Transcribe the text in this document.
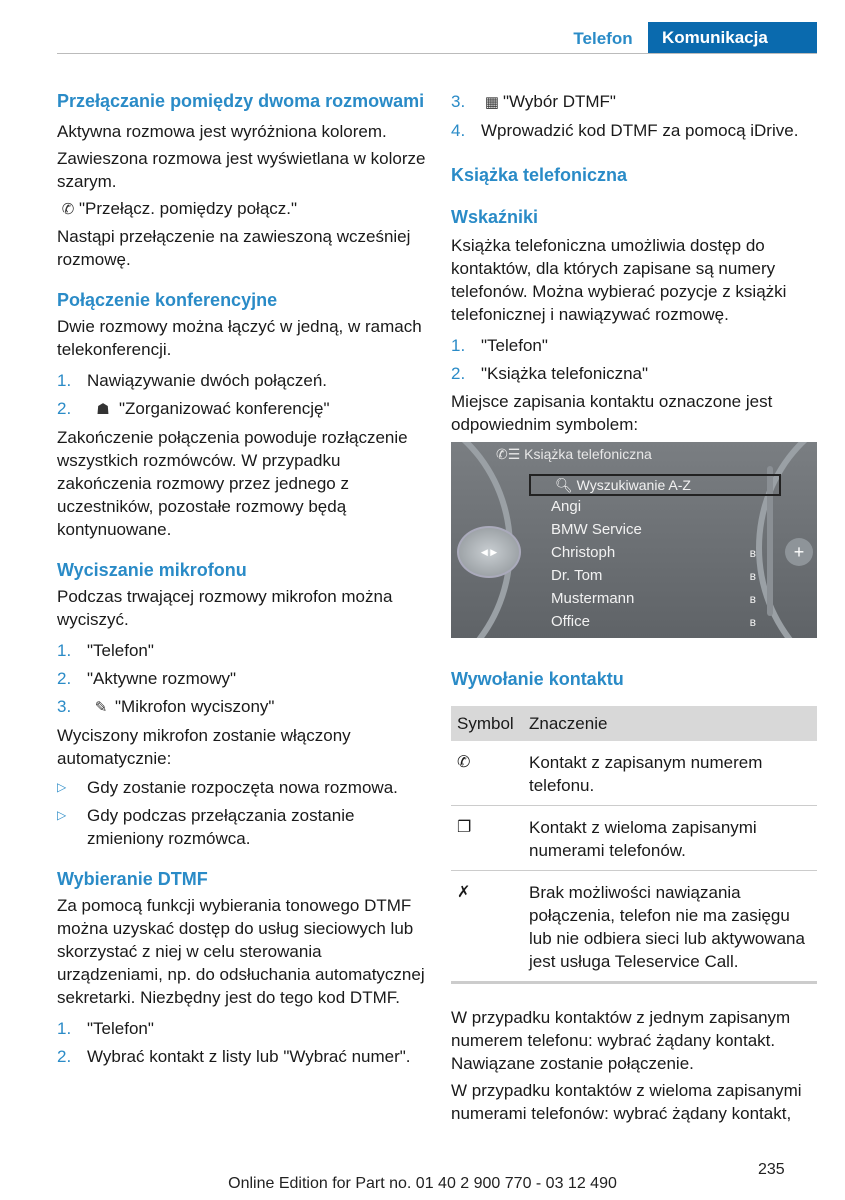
Telefon	Komunikacja
Przełączanie pomiędzy dwoma rozmowami

Aktywna rozmowa jest wyróżniona kolorem.

Zawieszona rozmowa jest wyświetlana w kolorze szarym.

✆ "Przełącz. pomiędzy połącz."

Nastąpi przełączenie na zawieszoną wcześniej rozmowę.

Połączenie konferencyjne

Dwie rozmowy można łączyć w jedną, w ramach telekonferencji.

1. Nawiązywanie dwóch połączeń.
2.	☗ "Zorganizować konferencję"

Zakończenie połączenia powoduje rozłączenie wszystkich rozmówców. W przypadku zakończenia rozmowy przez jednego z uczestników, pozostałe rozmowy będą kontynuowane.

Wyciszanie mikrofonu

Podczas trwającej rozmowy mikrofon można wyciszyć.

1. "Telefon"
2. "Aktywne rozmowy"
3.	✎ "Mikrofon wyciszony"

Wyciszony mikrofon zostanie włączony automatycznie:

▷	Gdy zostanie rozpoczęta nowa rozmowa.
▷	Gdy podczas przełączania zostanie zmieniony rozmówca.
Wybieranie DTMF

Za pomocą funkcji wybierania tonowego DTMF można uzyskać dostęp do usług sieciowych lub skorzystać z niej w celu sterowania urządzeniami, np. do odsłuchania automatycznej sekretarki. Niezbędny jest do tego kod DTMF.

1. "Telefon"
2. Wybrać kontakt z listy lub "Wybrać numer".
3.	▦ "Wybór DTMF"
4. Wprowadzić kod DTMF za pomocą iDrive.
Książka telefoniczna
Wskaźniki

Książka telefoniczna umożliwia dostęp do kontaktów, dla których zapisane są numery telefonów. Można wybierać pozycje z książki telefonicznej i nawiązywać rozmowę.

1. "Telefon"
2. "Książka telefoniczna"

Miejsce zapisania kontaktu oznaczone jest odpowiednim symbolem:

✆☰ Książka telefoniczna
🔍︎ Wyszukiwanie A-Z
Angi
BMW Service
Christoph	ʙ
Dr. Tom	ʙ
Mustermann	ʙ
Office	ʙ
◀ ▶	+
Wywołanie kontaktu
Symbol	Znaczenie
✆	Kontakt z zapisanym numerem telefonu.
❐	Kontakt z wieloma zapisanymi numerami telefonów.
✗	Brak możliwości nawiązania połączenia, telefon nie ma zasięgu lub nie odbiera sieci lub aktywowana jest usługa Teleservice Call.

W przypadku kontaktów z jednym zapisanym numerem telefonu: wybrać żądany kontakt. Nawiązane zostanie połączenie.

W przypadku kontaktów z wieloma zapisanymi numerami telefonów: wybrać żądany kontakt,

235
Online Edition for Part no. 01 40 2 900 770 - 03 12 490
